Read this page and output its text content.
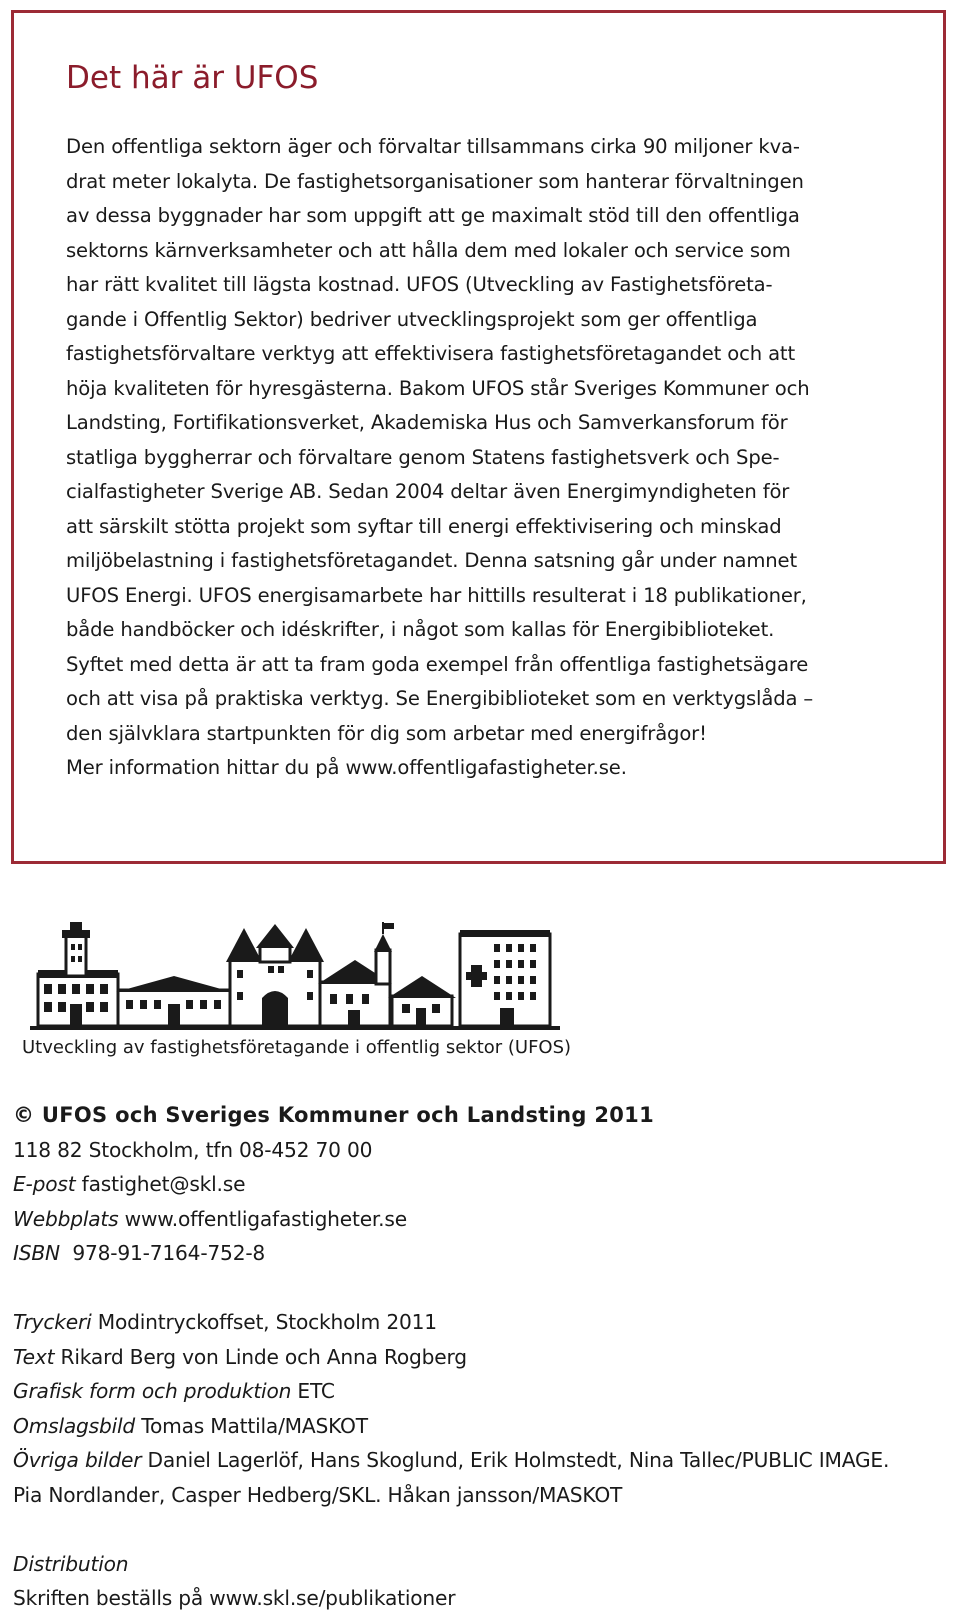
Det här är UFOS
Den offentliga sektorn äger och förvaltar tillsammans cirka 90 miljoner kva-
drat meter lokalyta. De fastighetsorganisationer som hanterar förvaltningen
av dessa byggnader har som uppgift att ge maximalt stöd till den offentliga
sektorns kärnverksamheter och att hålla dem med lokaler och service som
har rätt kvalitet till lägsta kostnad. UFOS (Utveckling av Fastighetsföreta-
gande i Offentlig Sektor) bedriver utvecklingsprojekt som ger offentliga
fastighetsförvaltare verktyg att effektivisera fastighetsföretagandet och att
höja kvaliteten för hyresgästerna. Bakom UFOS står Sveriges Kommuner och
Landsting, Fortifikationsverket, Akademiska Hus och Samverkansforum för
statliga byggherrar och förvaltare genom Statens fastighetsverk och Spe-
cialfastigheter Sverige AB. Sedan 2004 deltar även Energimyndigheten för
att särskilt stötta projekt som syftar till energi effektivisering och minskad
miljöbelastning i fastighetsföretagandet. Denna satsning går under namnet
UFOS Energi. UFOS energisamarbete har hittills resulterat i 18 publikationer,
både handböcker och idéskrifter, i något som kallas för Energibiblioteket.
Syftet med detta är att ta fram goda exempel från offentliga fastighetsägare
och att visa på praktiska verktyg. Se Energibiblioteket som en verktygslåda –
den självklara startpunkten för dig som arbetar med energifrågor!
Mer information hittar du på www.offentligafastigheter.se.
Utveckling av fastighetsföretagande i offentlig sektor (UFOS)
© UFOS och Sveriges Kommuner och Landsting 2011
118 82 Stockholm, tfn 08-452 70 00
E-post fastighet@skl.se
Webbplats www.offentligafastigheter.se
ISBN 978-91-7164-752-8
Tryckeri Modintryckoffset, Stockholm 2011
Text Rikard Berg von Linde och Anna Rogberg
Grafisk form och produktion ETC
Omslagsbild Tomas Mattila/MASKOT
Övriga bilder Daniel Lagerlöf, Hans Skoglund, Erik Holmstedt, Nina Tallec/PUBLIC IMAGE.
Pia Nordlander, Casper Hedberg/SKL. Håkan jansson/MASKOT
Distribution
Skriften beställs på www.skl.se/publikationer
